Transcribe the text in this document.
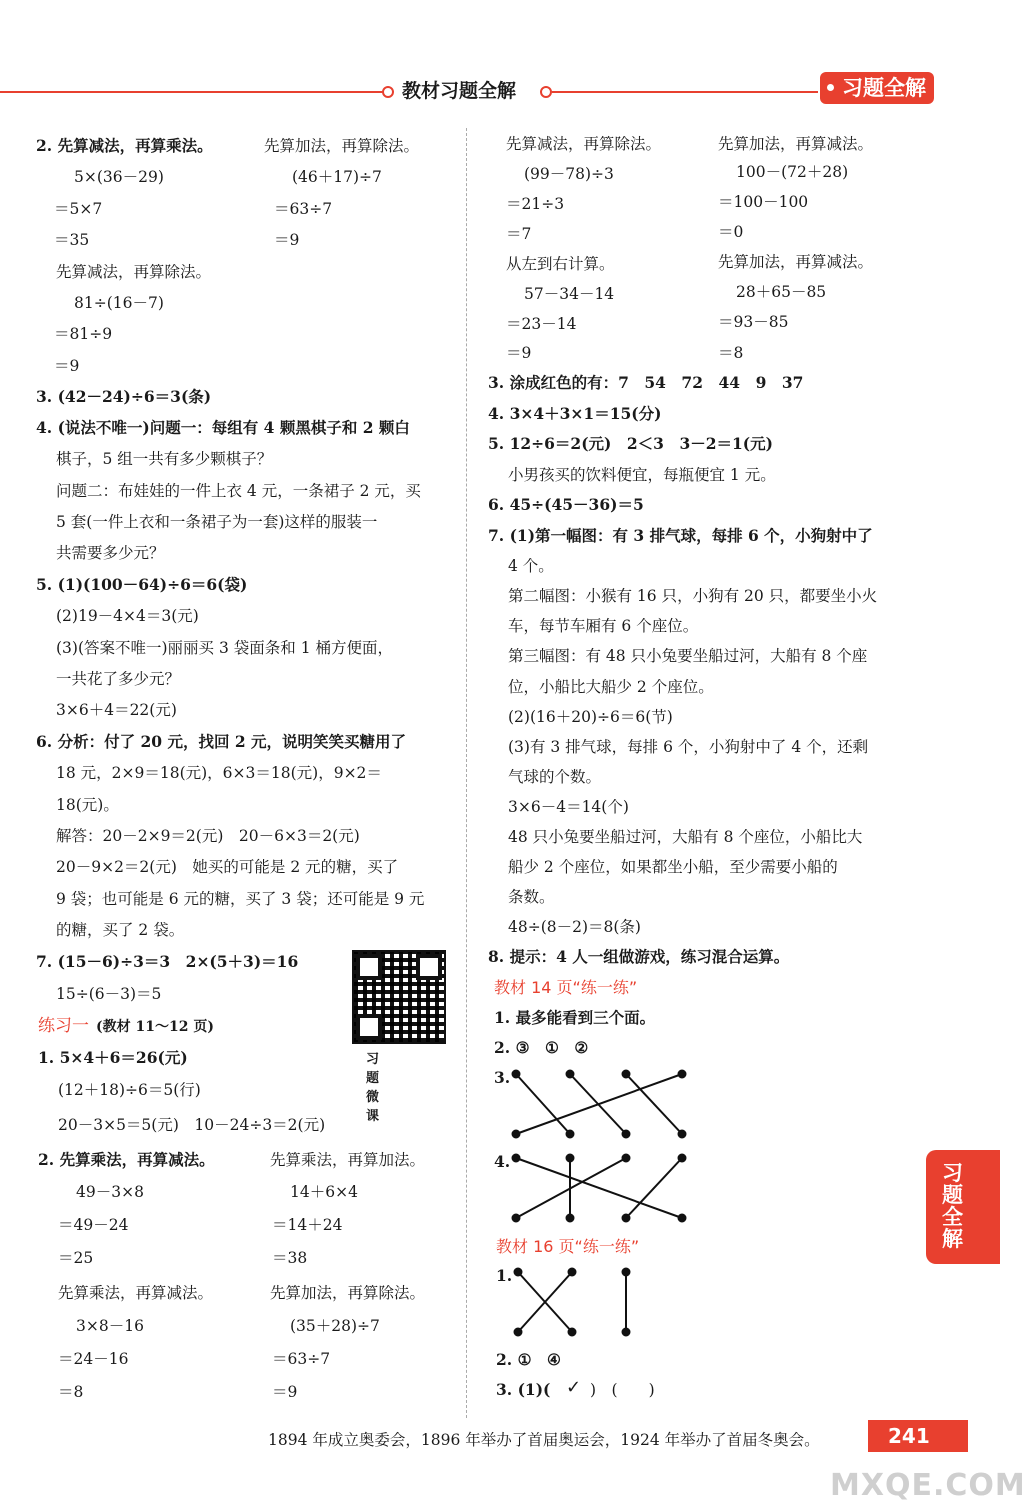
教材习题全解	习题全解
2. 先算减法，再算乘法。	先算加法，再算除法。
5×(36－29)	(46＋17)÷7
＝5×7	＝63÷7
＝35	＝9
先算减法，再算除法。
81÷(16－7)
＝81÷9
＝9
3. (42－24)÷6＝3(条)
4. (说法不唯一)问题一：每组有 4 颗黑棋子和 2 颗白
棋子，5 组一共有多少颗棋子？
问题二：布娃娃的一件上衣 4 元，一条裙子 2 元，买
5 套(一件上衣和一条裙子为一套)这样的服装一
共需要多少元？
5. (1)(100－64)÷6＝6(袋)
(2)19－4×4＝3(元)
(3)(答案不唯一)丽丽买 3 袋面条和 1 桶方便面，
一共花了多少元？
3×6＋4＝22(元)
6. 分析：付了 20 元，找回 2 元，说明笑笑买糖用了
18 元，2×9＝18(元)，6×3＝18(元)，9×2＝
18(元)。
解答：20－2×9＝2(元)　20－6×3＝2(元)
20－9×2＝2(元)　她买的可能是 2 元的糖，买了
9 袋；也可能是 6 元的糖，买了 3 袋；还可能是 9 元
的糖，买了 2 袋。
7. (15－6)÷3＝3　2×(5＋3)＝16
15÷(6－3)＝5
习题微课
练习一 (教材 11～12 页)
1. 5×4＋6＝26(元)
(12＋18)÷6＝5(行)
20－3×5＝5(元)　10－24÷3＝2(元)
2. 先算乘法，再算减法。	先算乘法，再算加法。
49－3×8	14＋6×4
＝49－24	＝14＋24
＝25	＝38
先算乘法，再算减法。	先算加法，再算除法。
3×8－16	(35＋28)÷7
＝24－16	＝63÷7
＝8	＝9
先算减法，再算除法。	先算加法，再算减法。
(99－78)÷3	100－(72＋28)
＝21÷3	＝100－100
＝7	＝0
从左到右计算。	先算加法，再算减法。
57－34－14	28＋65－85
＝23－14	＝93－85
＝9	＝8
3. 涂成红色的有：7　54　72　44　9　37
4. 3×4＋3×1＝15(分)
5. 12÷6＝2(元)　2＜3　3－2＝1(元)
小男孩买的饮料便宜，每瓶便宜 1 元。
6. 45÷(45－36)＝5
7. (1)第一幅图：有 3 排气球，每排 6 个，小狗射中了
4 个。
第二幅图：小猴有 16 只，小狗有 20 只，都要坐小火
车，每节车厢有 6 个座位。
第三幅图：有 48 只小兔要坐船过河，大船有 8 个座
位，小船比大船少 2 个座位。
(2)(16＋20)÷6＝6(节)
(3)有 3 排气球，每排 6 个，小狗射中了 4 个，还剩
气球的个数。
3×6－4＝14(个)
48 只小兔要坐船过河，大船有 8 个座位，小船比大
船少 2 个座位，如果都坐小船，至少需要小船的
条数。
48÷(8－2)＝8(条)
8. 提示：4 人一组做游戏，练习混合运算。
教材 14 页“练一练”
1. 最多能看到三个面。
2. ③　①　②
3.
4.
教材 16 页“练一练”
1.
2. ①　④
3. (1)( ✓ )　(　　)
习题全解
1894 年成立奥委会，1896 年举办了首届奥运会，1924 年举办了首届冬奥会。	241
MXQE.COM
